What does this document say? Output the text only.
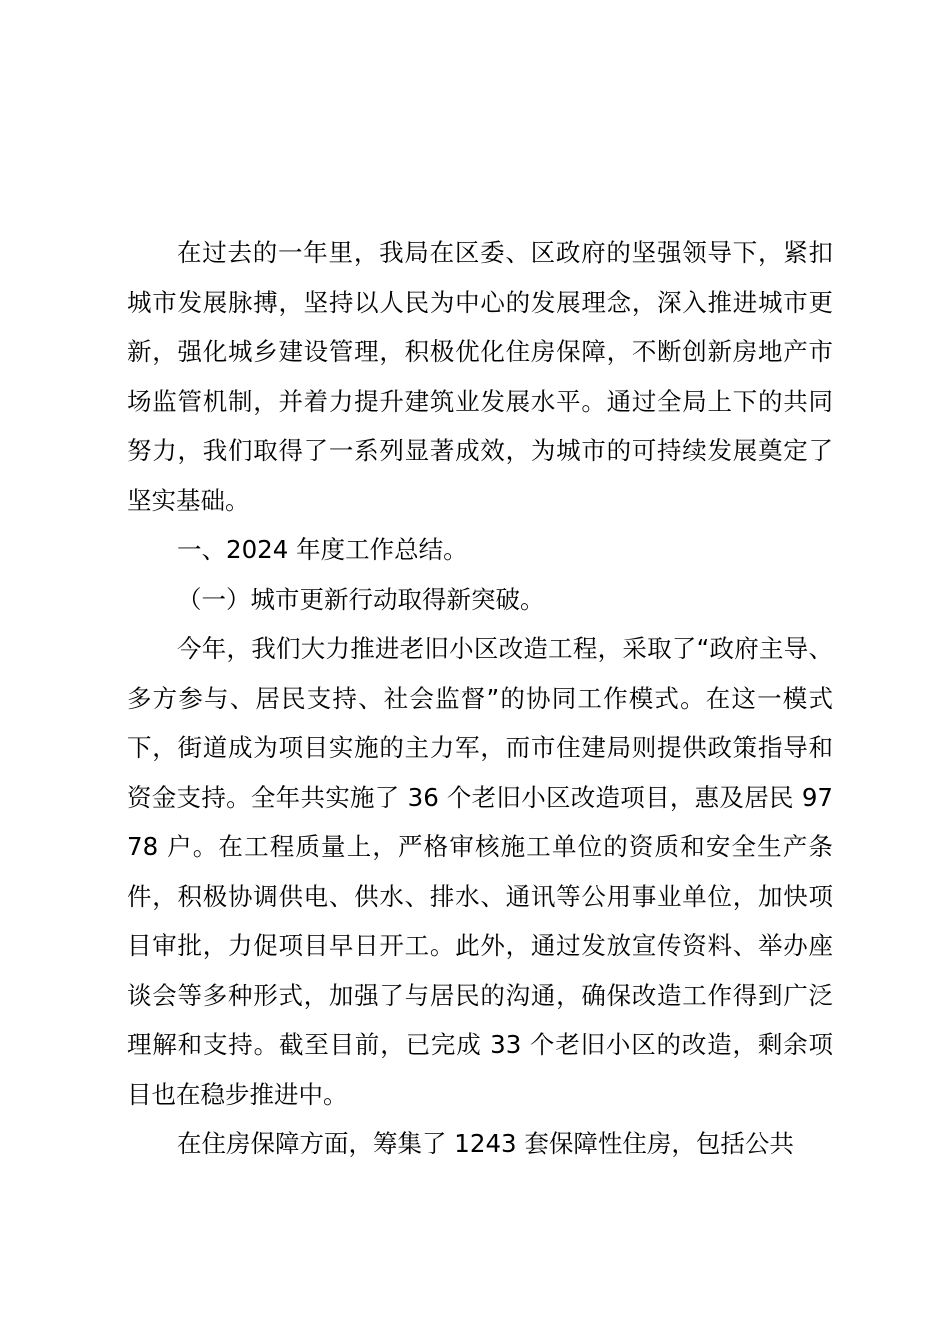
在过去的一年里，我局在区委、区政府的坚强领导下，紧扣城市发展脉搏，坚持以人民为中心的发展理念，深入推进城市更新，强化城乡建设管理，积极优化住房保障，不断创新房地产市场监管机制，并着力提升建筑业发展水平。通过全局上下的共同努力，我们取得了一系列显著成效，为城市的可持续发展奠定了坚实基础。

一、2024 年度工作总结。

（一）城市更新行动取得新突破。

今年，我们大力推进老旧小区改造工程，采取了“政府主导、多方参与、居民支持、社会监督”的协同工作模式。在这一模式下，街道成为项目实施的主力军，而市住建局则提供政策指导和资金支持。全年共实施了 36 个老旧小区改造项目，惠及居民 9778 户。在工程质量上，严格审核施工单位的资质和安全生产条件，积极协调供电、供水、排水、通讯等公用事业单位，加快项目审批，力促项目早日开工。此外，通过发放宣传资料、举办座谈会等多种形式，加强了与居民的沟通，确保改造工作得到广泛理解和支持。截至目前，已完成 33 个老旧小区的改造，剩余项目也在稳步推进中。

在住房保障方面，筹集了 1243 套保障性住房，包括公共
